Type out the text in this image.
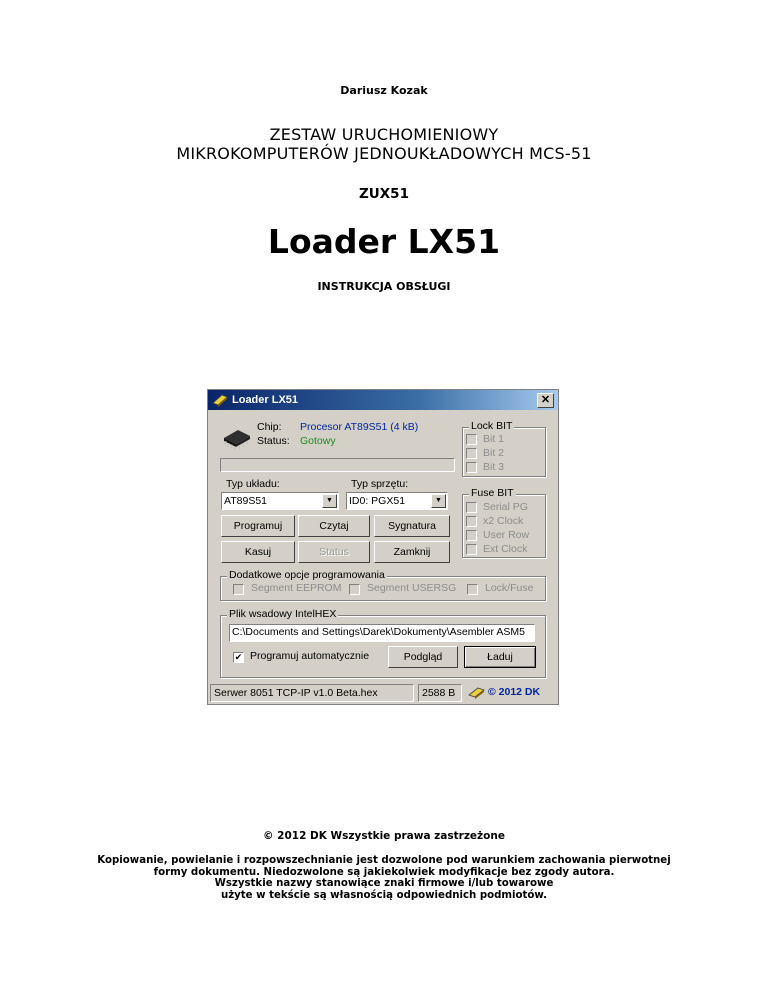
Dariusz Kozak
ZESTAW URUCHOMIENIOWY
MIKROKOMPUTERÓW JEDNOUKŁADOWYCH MCS-51
ZUX51
Loader LX51
INSTRUKCJA OBSŁUGI
Loader LX51	✕
Chip: Procesor AT89S51 (4 kB)
Status: Gotowy
Lock BIT
Bit 1
Bit 2
Bit 3
Typ układu:
AT89S51	▼
Typ sprzętu:
ID0: PGX51	▼
Fuse BIT
Serial PG
x2 Clock
User Row
Ext Clock
Programuj	Czytaj	Sygnatura
Kasuj	Status	Zamknij
Dodatkowe opcje programowania
Segment EEPROM Segment USERSG	Lock/Fuse
Plik wsadowy IntelHEX
C:\Documents and Settings\Darek\Dokumenty\Asembler ASM5
✔ Programuj automatycznie	Podgląd	Ładuj
Serwer 8051 TCP-IP v1.0 Beta.hex	2588 B	© 2012 DK
© 2012 DK Wszystkie prawa zastrzeżone
Kopiowanie, powielanie i rozpowszechnianie jest dozwolone pod warunkiem zachowania pierwotnej
formy dokumentu. Niedozwolone są jakiekolwiek modyfikacje bez zgody autora.
Wszystkie nazwy stanowiące znaki firmowe i/lub towarowe
użyte w tekście są własnością odpowiednich podmiotów.
